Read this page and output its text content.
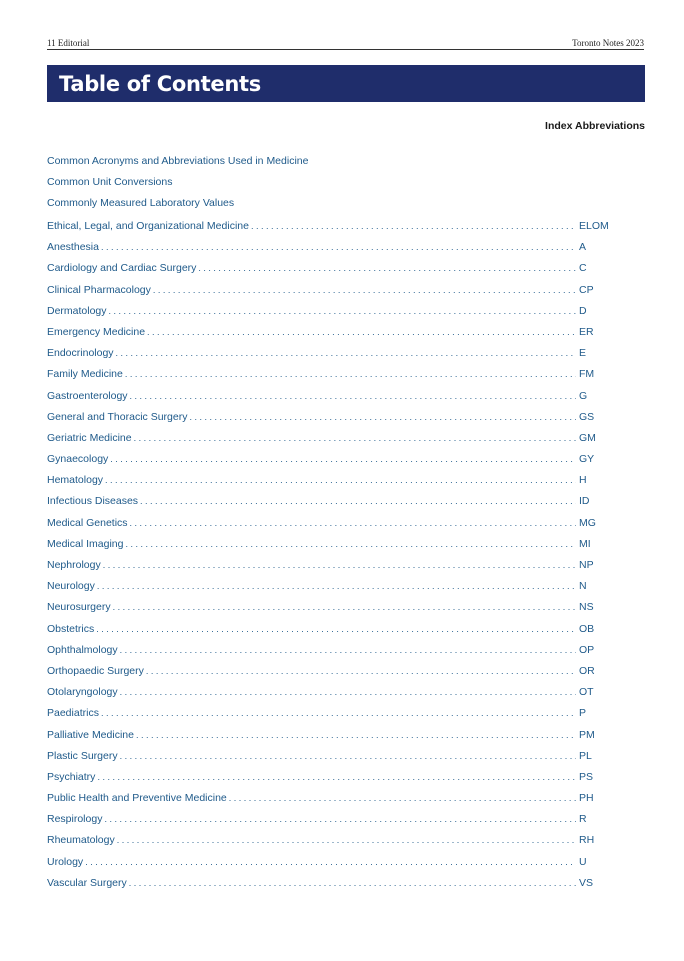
11 Editorial	Toronto Notes 2023
Table of Contents
Index Abbreviations
Common Acronyms and Abbreviations Used in Medicine
Common Unit Conversions
Commonly Measured Laboratory Values
Ethical, Legal, and Organizational Medicine . . .	ELOM
Anesthesia . . .	A
Cardiology and Cardiac Surgery . . .	C
Clinical Pharmacology . . .	CP
Dermatology . . .	D
Emergency Medicine . . .	ER
Endocrinology . . .	E
Family Medicine . . .	FM
Gastroenterology . . .	G
General and Thoracic Surgery . . .	GS
Geriatric Medicine . . .	GM
Gynaecology . . .	GY
Hematology . . .	H
Infectious Diseases . . .	ID
Medical Genetics . . .	MG
Medical Imaging . . .	MI
Nephrology . . .	NP
Neurology . . .	N
Neurosurgery . . .	NS
Obstetrics . . .	OB
Ophthalmology . . .	OP
Orthopaedic Surgery . . .	OR
Otolaryngology . . .	OT
Paediatrics . . .	P
Palliative Medicine . . .	PM
Plastic Surgery . . .	PL
Psychiatry . . .	PS
Public Health and Preventive Medicine . . .	PH
Respirology . . .	R
Rheumatology . . .	RH
Urology . . .	U
Vascular Surgery . . .	VS
